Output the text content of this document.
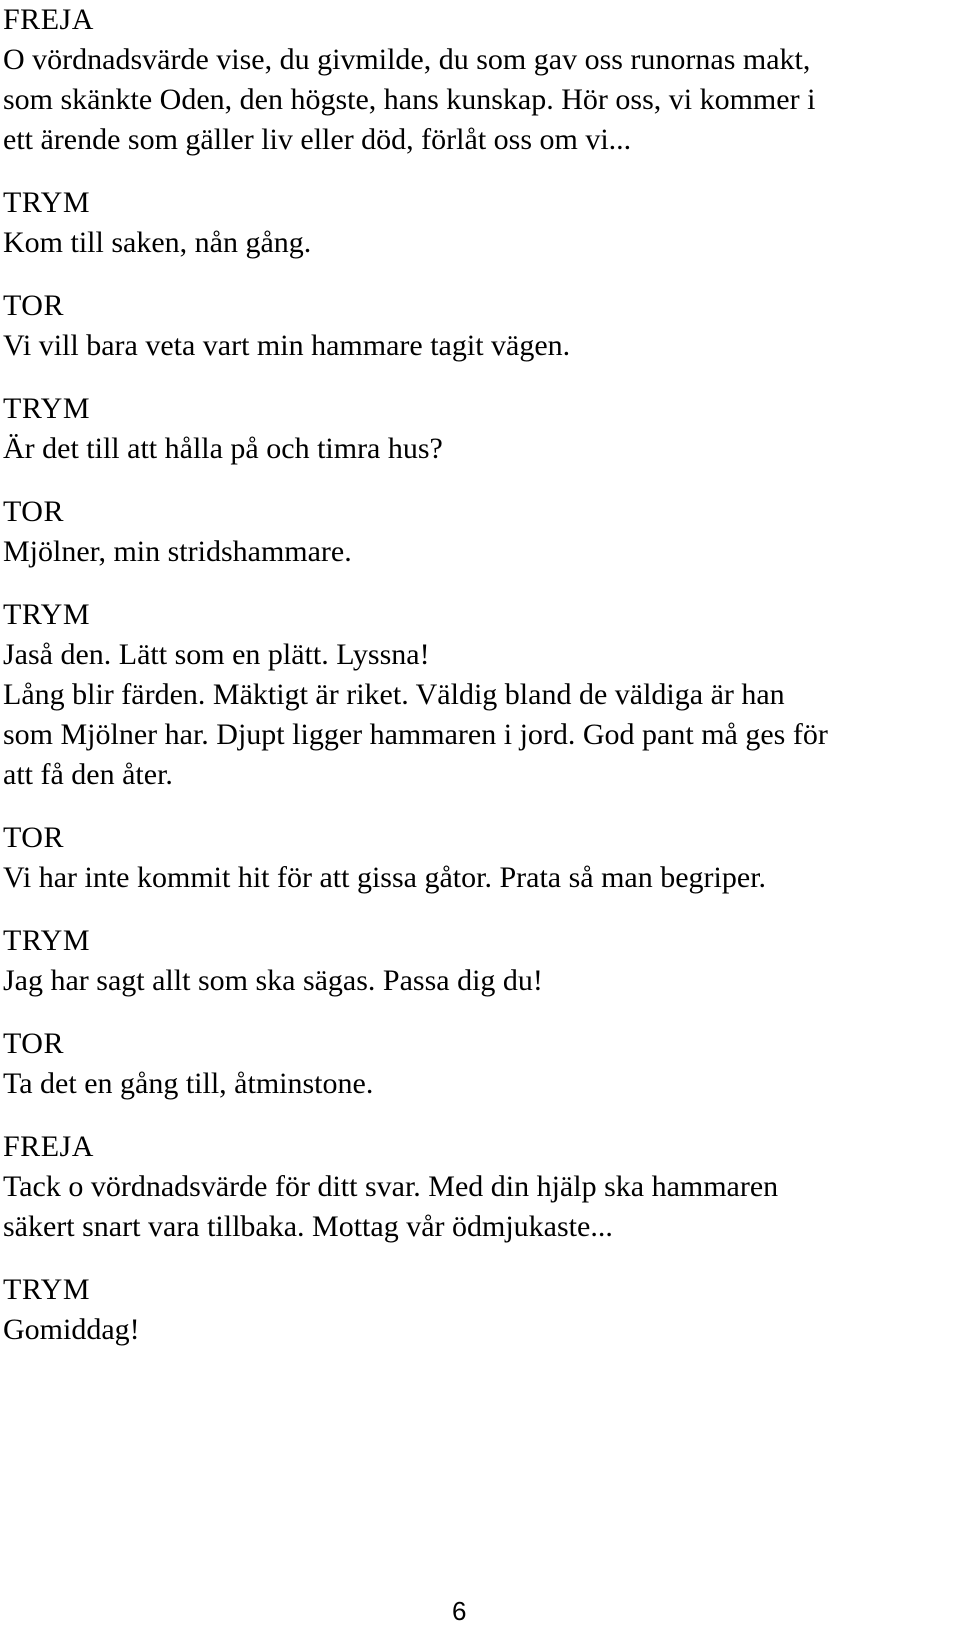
FREJA
O vördnadsvärde vise, du givmilde, du som gav oss runornas makt,
som skänkte Oden, den högste, hans kunskap. Hör oss, vi kommer i
ett ärende som gäller liv eller död, förlåt oss om vi...
TRYM
Kom till saken, nån gång.
TOR
Vi vill bara veta vart min hammare tagit vägen.
TRYM
Är det till att hålla på och timra hus?
TOR
Mjölner, min stridshammare.
TRYM
Jaså den. Lätt som en plätt. Lyssna!
Lång blir färden. Mäktigt är riket. Väldig bland de väldiga är han
som Mjölner har. Djupt ligger hammaren i jord. God pant må ges för
att få den åter.
TOR
Vi har inte kommit hit för att gissa gåtor. Prata så man begriper.
TRYM
Jag har sagt allt som ska sägas. Passa dig du!
TOR
Ta det en gång till, åtminstone.
FREJA
Tack o vördnadsvärde för ditt svar. Med din hjälp ska hammaren
säkert snart vara tillbaka. Mottag vår ödmjukaste...
TRYM
Gomiddag!
6
